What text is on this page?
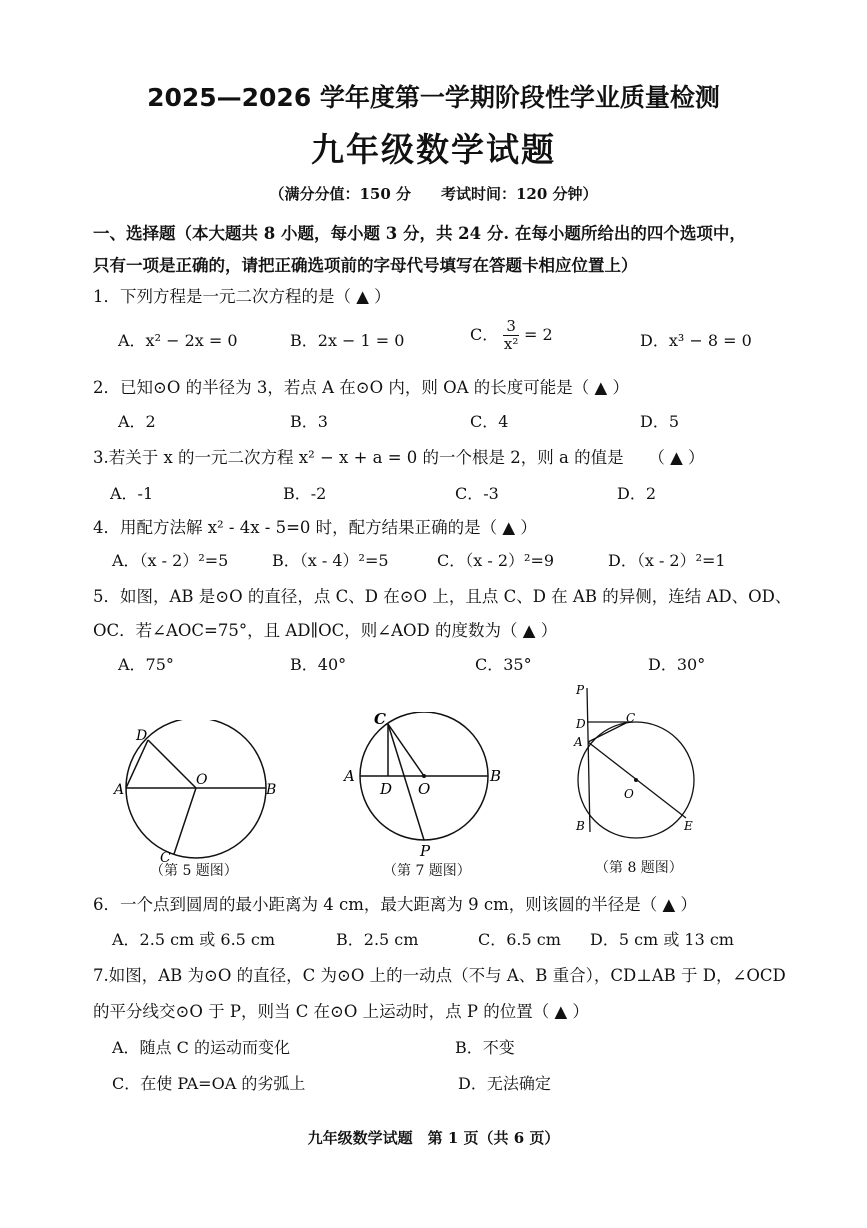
2025—2026 学年度第一学期阶段性学业质量检测
九年级数学试题
（满分分值：150 分　　考试时间：120 分钟）
一、选择题（本大题共 8 小题，每小题 3 分，共 24 分. 在每小题所给出的四个选项中，
只有一项是正确的，请把正确选项前的字母代号填写在答题卡相应位置上）
1．下列方程是一元二次方程的是（ ▲ ）
A．x² − 2x = 0	B．2x − 1 = 0	C． $\frac{3}{\text{x²}} = 2$	D．x³ − 8 = 0
2．已知⊙O 的半径为 3，若点 A 在⊙O 内，则 OA 的长度可能是（ ▲ ）
A．2	B．3	C．4	D．5
3.若关于 x 的一元二次方程 x² − x + a = 0 的一个根是 2，则 a 的值是　　（ ▲ ）
A．-1	B．-2	C．-3	D．2
4．用配方法解 x² - 4x - 5=0 时，配方结果正确的是（ ▲ ）
A．（x - 2）²=5	B．（x - 4）²=5	C．（x - 2）²=9	D．（x - 2）²=1
5．如图，AB 是⊙O 的直径，点 C、D 在⊙O 上，且点 C、D 在 AB 的异侧，连结 AD、OD、
OC．若∠AOC=75°，且 AD∥OC，则∠AOD 的度数为（ ▲ ）
A．75°	B．40°	C．35°	D．30°
D
A
O
B
C
（第 5 题图）
C
A
D O
B
P
（第 7 题图）
P
D	C
A
O
B	E
（第 8 题图）
6．一个点到圆周的最小距离为 4 cm，最大距离为 9 cm，则该圆的半径是（ ▲ ）
A．2.5 cm 或 6.5 cm	B．2.5 cm	C．6.5 cm D．5 cm 或 13 cm
7.如图，AB 为⊙O 的直径，C 为⊙O 上的一动点（不与 A、B 重合），CD⊥AB 于 D，∠OCD
的平分线交⊙O 于 P，则当 C 在⊙O 上运动时，点 P 的位置（ ▲ ）
A．随点 C 的运动而变化	B．不变
C．在使 PA=OA 的劣弧上	D．无法确定
九年级数学试题　第 1 页（共 6 页）
